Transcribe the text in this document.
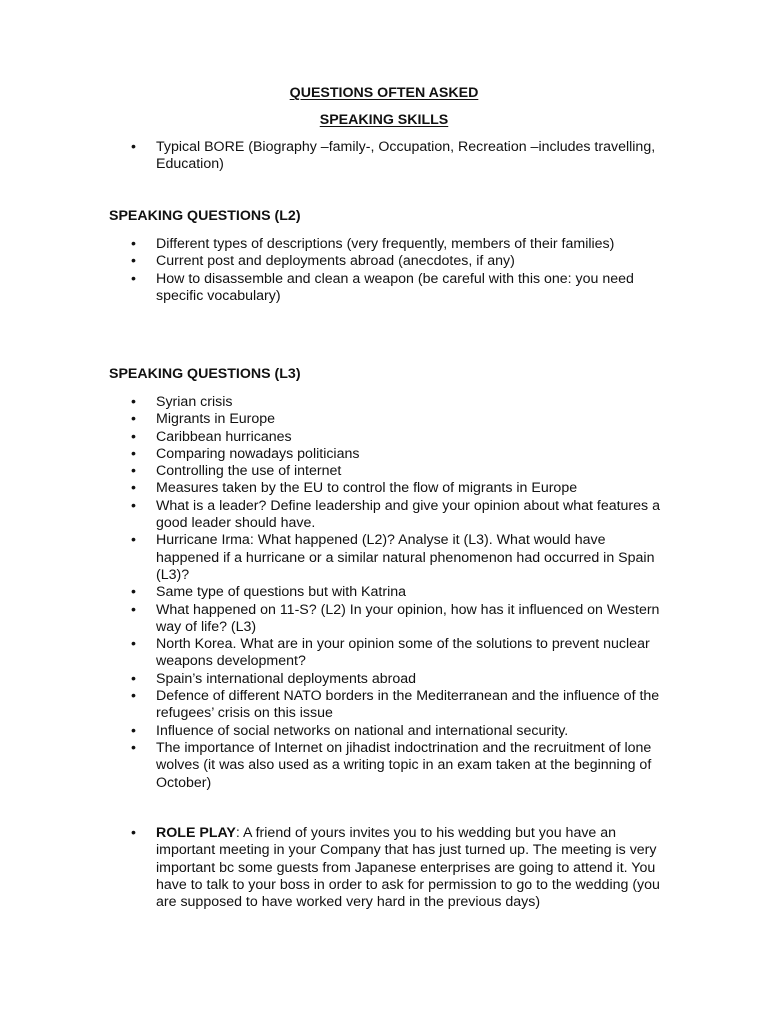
QUESTIONS OFTEN ASKED
SPEAKING SKILLS
• Typical BORE (Biography –family-, Occupation, Recreation –includes travelling, Education)
SPEAKING QUESTIONS (L2)
• Different types of descriptions (very frequently, members of their families)
• Current post and deployments abroad (anecdotes, if any)
• How to disassemble and clean a weapon (be careful with this one: you need specific vocabulary)
SPEAKING QUESTIONS (L3)
• Syrian crisis
• Migrants in Europe
• Caribbean hurricanes
• Comparing nowadays politicians
• Controlling the use of internet
• Measures taken by the EU to control the flow of migrants in Europe
• What is a leader? Define leadership and give your opinion about what features a good leader should have.
• Hurricane Irma: What happened (L2)? Analyse it (L3). What would have happened if a hurricane or a similar natural phenomenon had occurred in Spain (L3)?
• Same type of questions but with Katrina
• What happened on 11-S? (L2) In your opinion, how has it influenced on Western way of life? (L3)
• North Korea. What are in your opinion some of the solutions to prevent nuclear weapons development?
• Spain’s international deployments abroad
• Defence of different NATO borders in the Mediterranean and the influence of the refugees’ crisis on this issue
• Influence of social networks on national and international security.
• The importance of Internet on jihadist indoctrination and the recruitment of lone wolves (it was also used as a writing topic in an exam taken at the beginning of October)
• ROLE PLAY: A friend of yours invites you to his wedding but you have an important meeting in your Company that has just turned up. The meeting is very important bc some guests from Japanese enterprises are going to attend it. You have to talk to your boss in order to ask for permission to go to the wedding (you are supposed to have worked very hard in the previous days)
